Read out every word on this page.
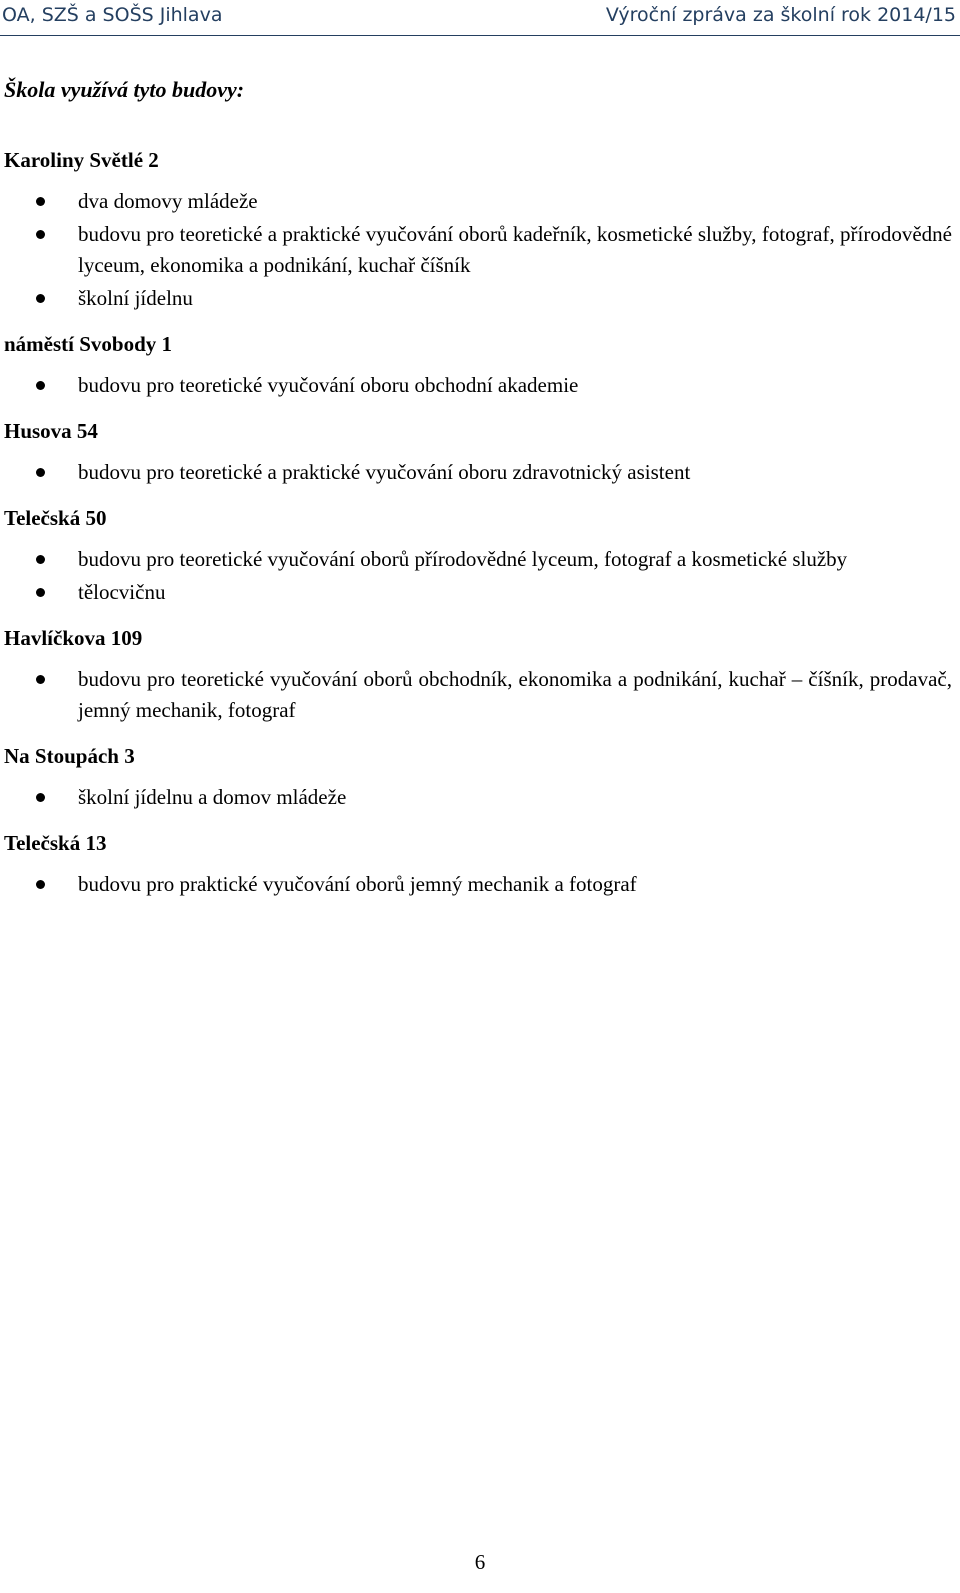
OA, SZŠ a SOŠS Jihlava	Výroční zpráva za školní rok 2014/15

Škola využívá tyto budovy:

Karoliny Světlé 2

dva domovy mládeže
budovu pro teoretické a praktické vyučování oborů kadeřník, kosmetické služby, fotograf, přírodovědné lyceum, ekonomika a podnikání, kuchař číšník
školní jídelnu

náměstí Svobody 1

budovu pro teoretické vyučování oboru obchodní akademie

Husova 54

budovu pro teoretické a praktické vyučování oboru zdravotnický asistent

Telečská 50

budovu pro teoretické vyučování oborů přírodovědné lyceum, fotograf a kosmetické služby
tělocvičnu

Havlíčkova 109

budovu pro teoretické vyučování oborů obchodník, ekonomika a podnikání, kuchař – číšník, prodavač, jemný mechanik, fotograf

Na Stoupách 3

školní jídelnu a domov mládeže

Telečská 13

budovu pro praktické vyučování oborů jemný mechanik a fotograf
6
